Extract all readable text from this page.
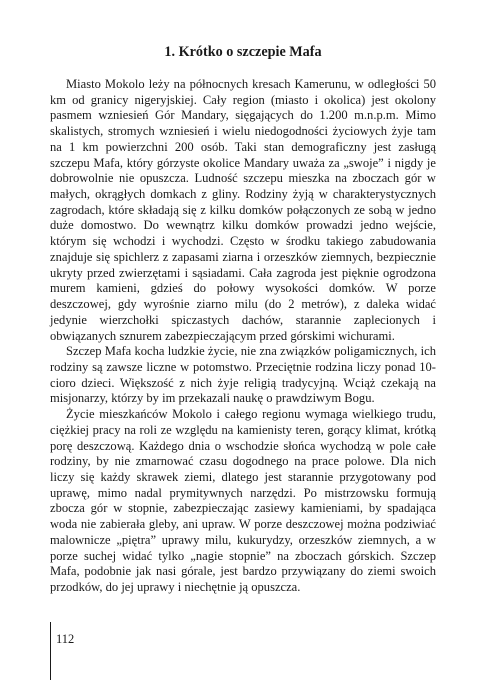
1. Krótko o szczepie Mafa

Miasto Mokolo leży na północnych kresach Kamerunu, w odległości 50 km od granicy nigeryjskiej. Cały region (miasto i okolica) jest okolony pasmem wzniesień Gór Mandary, sięgających do 1.200 m.n.p.m. Mimo skalistych, stromych wzniesień i wielu niedogodności życiowych żyje tam na 1 km powierzchni 200 osób. Taki stan demograficzny jest zasługą szczepu Mafa, który górzyste okolice Mandary uważa za „swoje” i nigdy je dobrowolnie nie opuszcza. Ludność szczepu mieszka na zboczach gór w małych, okrągłych domkach z gliny. Rodziny żyją w charakterystycznych zagrodach, które składają się z kilku domków połączonych ze sobą w jedno duże domostwo. Do wewnątrz kilku domków prowadzi jedno wejście, którym się wchodzi i wychodzi. Często w środku takiego zabudowania znajduje się spichlerz z zapasami ziarna i orzeszków ziemnych, bezpiecznie ukryty przed zwierzętami i sąsiadami. Cała zagroda jest pięknie ogrodzona murem kamieni, gdzieś do połowy wysokości domków. W porze deszczowej, gdy wyrośnie ziarno milu (do 2 metrów), z daleka widać jedynie wierzchołki spiczastych dachów, starannie zaplecionych i obwiązanych sznurem zabezpieczającym przed górskimi wichurami.

Szczep Mafa kocha ludzkie życie, nie zna związków poligamicznych, ich rodziny są zawsze liczne w potomstwo. Przeciętnie rodzina liczy ponad 10-cioro dzieci. Większość z nich żyje religią tradycyjną. Wciąż czekają na misjonarzy, którzy by im przekazali naukę o prawdziwym Bogu.

Życie mieszkańców Mokolo i całego regionu wymaga wielkiego trudu, ciężkiej pracy na roli ze względu na kamienisty teren, gorący klimat, krótką porę deszczową. Każdego dnia o wschodzie słońca wychodzą w pole całe rodziny, by nie zmarnować czasu dogodnego na prace polowe. Dla nich liczy się każdy skrawek ziemi, dlatego jest starannie przygotowany pod uprawę, mimo nadal prymitywnych narzędzi. Po mistrzowsku formują zbocza gór w stopnie, zabezpieczając zasiewy kamieniami, by spadająca woda nie zabierała gleby, ani upraw. W porze deszczowej można podziwiać malownicze „piętra” uprawy milu, kukurydzy, orzeszków ziemnych, a w porze suchej widać tylko „nagie stopnie” na zboczach górskich. Szczep Mafa, podobnie jak nasi górale, jest bardzo przywiązany do ziemi swoich przodków, do jej uprawy i niechętnie ją opuszcza.

112
